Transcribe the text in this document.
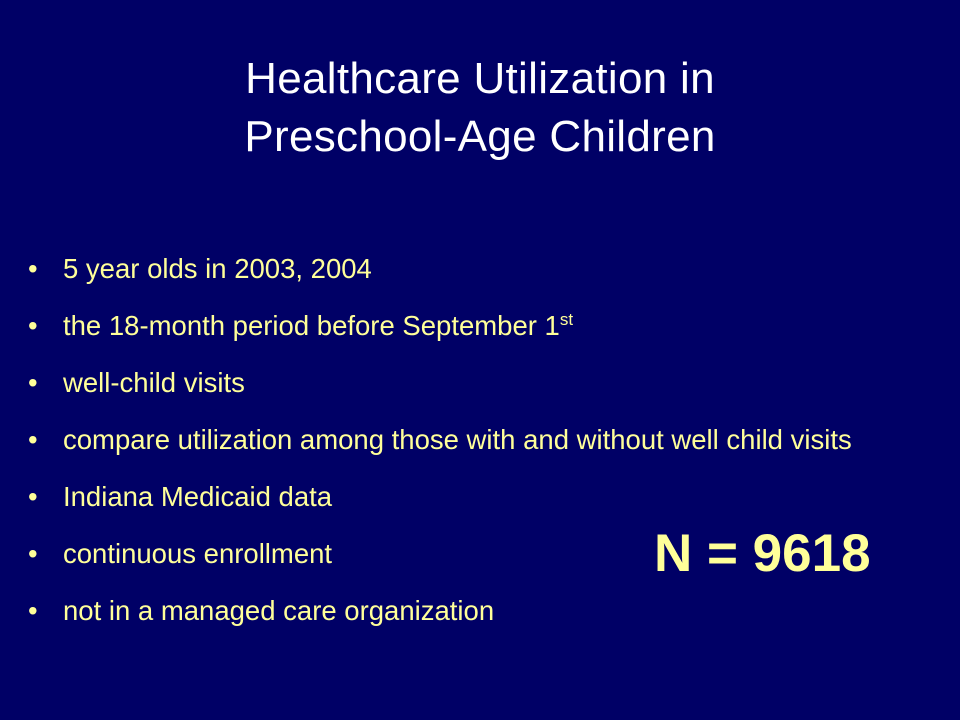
Healthcare Utilization in
Preschool-Age Children
• 5 year olds in 2003, 2004
• the 18-month period before September 1st
• well-child visits
• compare utilization among those with and without well child visits
• Indiana Medicaid data
• continuous enrollment
• not in a managed care organization
N = 9618
